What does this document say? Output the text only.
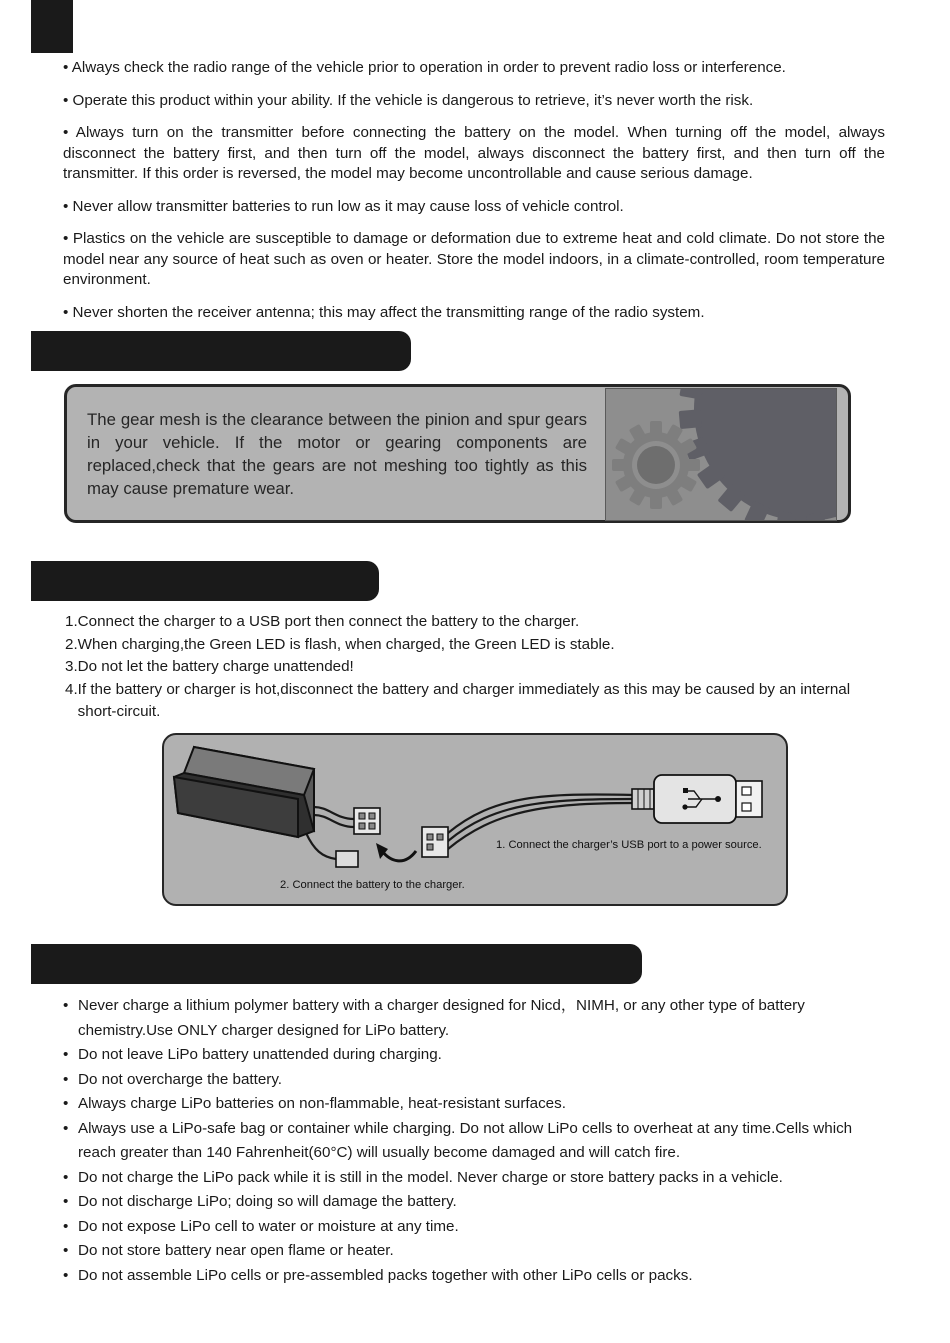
• Always check the radio range of the vehicle prior to operation in order to prevent radio loss or interference.
• Operate this product within your ability. If the vehicle is dangerous to retrieve, it’s never worth the risk.
• Always turn on the transmitter before connecting the battery on the model. When turning off the model, always disconnect the battery first, and then turn off the model, always disconnect the battery first, and then turn off the transmitter. If this order is reversed, the model may become uncontrollable and cause serious damage.
• Never allow transmitter batteries to run low as it may cause loss of vehicle control.
• Plastics on the vehicle are susceptible to damage or deformation due to extreme heat and cold climate. Do not store the model near any source of heat such as oven or heater. Store the model indoors, in a climate-controlled, room temperature environment.
• Never shorten the receiver antenna; this may affect the transmitting range of the radio system.

The gear mesh is the clearance between the pinion and spur gears in your vehicle. If the motor or gearing components are replaced,check that the gears are not meshing too tightly as this may cause premature wear.

1. Connect the charger to a USB port then connect the battery to the charger.
2. When charging,the Green LED is flash, when charged, the Green LED is stable.
3. Do not let the battery charge unattended!
4. If the battery or charger is hot,disconnect the battery and charger immediately as this may be caused by an internal short-circuit.
1. Connect the charger’s USB port to a power source.
2. Connect the battery to the charger.
• Never charge a lithium polymer battery with a charger designed for Nicd，NIMH, or any other type of battery chemistry.Use ONLY charger designed for LiPo battery.
• Do not leave LiPo battery unattended during charging.
• Do not overcharge the battery.
• Always charge LiPo batteries on non-flammable, heat-resistant surfaces.
• Always use a LiPo-safe bag or container while charging. Do not allow LiPo cells to overheat at any time.Cells which reach greater than 140 Fahrenheit(60°C) will usually become damaged and will catch fire.
• Do not charge the LiPo pack while it is still in the model. Never charge or store battery packs in a vehicle.
• Do not discharge LiPo; doing so will damage the battery.
• Do not expose LiPo cell to water or moisture at any time.
• Do not store battery near open flame or heater.
• Do not assemble LiPo cells or pre-assembled packs together with other LiPo cells or packs.
